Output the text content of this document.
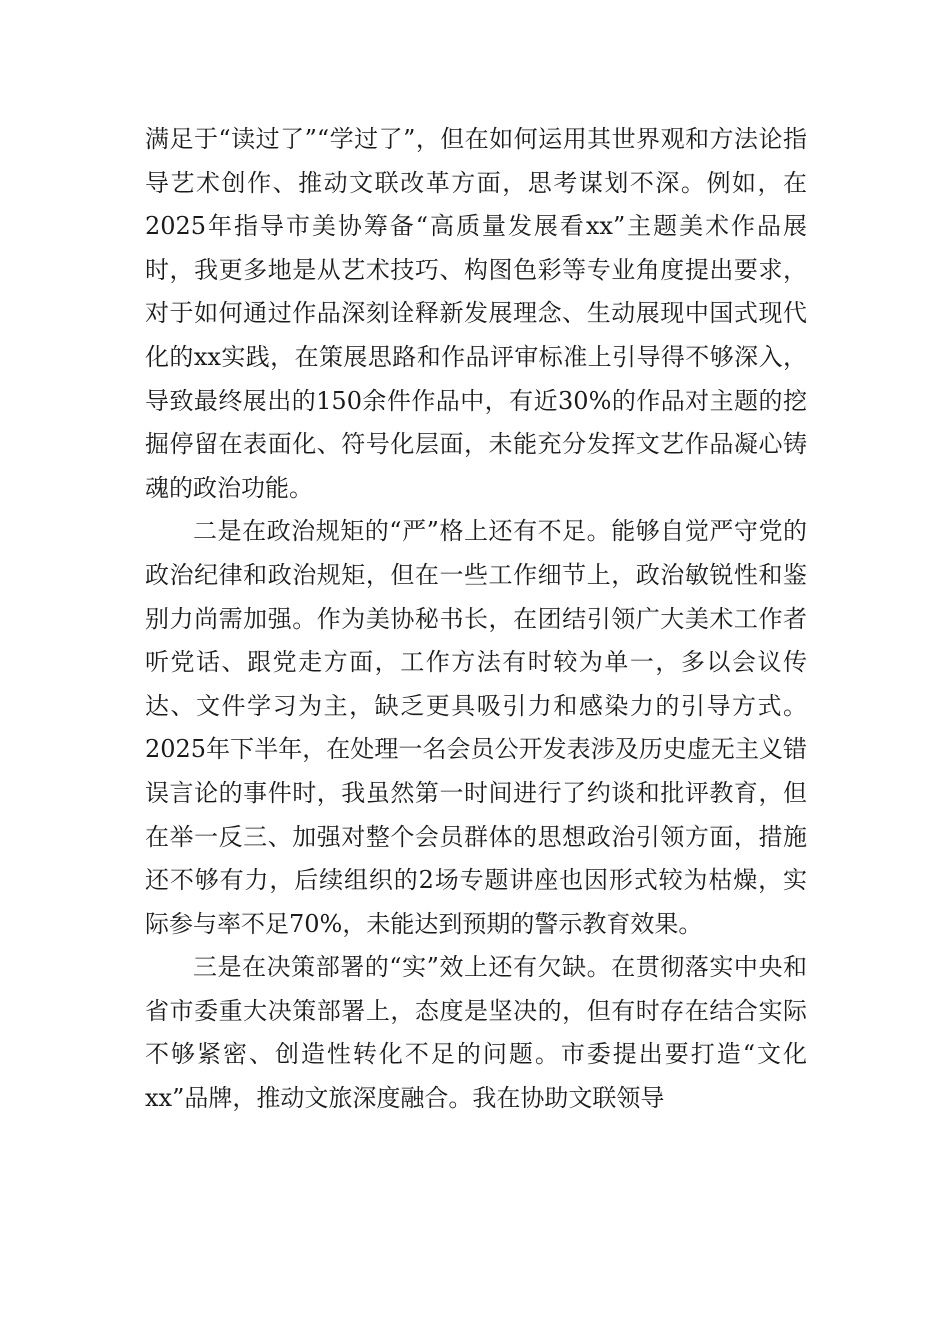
满足于“读过了”“学过了”，但在如何运用其世界观和方法论指导艺术创作、推动文联改革方面，思考谋划不深。例如，在2025年指导市美协筹备“高质量发展看xx”主题美术作品展时，我更多地是从艺术技巧、构图色彩等专业角度提出要求，对于如何通过作品深刻诠释新发展理念、生动展现中国式现代化的xx实践，在策展思路和作品评审标准上引导得不够深入，导致最终展出的150余件作品中，有近30%的作品对主题的挖掘停留在表面化、符号化层面，未能充分发挥文艺作品凝心铸魂的政治功能。

二是在政治规矩的“严”格上还有不足。能够自觉严守党的政治纪律和政治规矩，但在一些工作细节上，政治敏锐性和鉴别力尚需加强。作为美协秘书长，在团结引领广大美术工作者听党话、跟党走方面，工作方法有时较为单一，多以会议传达、文件学习为主，缺乏更具吸引力和感染力的引导方式。2025年下半年，在处理一名会员公开发表涉及历史虚无主义错误言论的事件时，我虽然第一时间进行了约谈和批评教育，但在举一反三、加强对整个会员群体的思想政治引领方面，措施还不够有力，后续组织的2场专题讲座也因形式较为枯燥，实际参与率不足70%，未能达到预期的警示教育效果。

三是在决策部署的“实”效上还有欠缺。在贯彻落实中央和省市委重大决策部署上，态度是坚决的，但有时存在结合实际不够紧密、创造性转化不足的问题。市委提出要打造“文化xx”品牌，推动文旅深度融合。我在协助文联领导
